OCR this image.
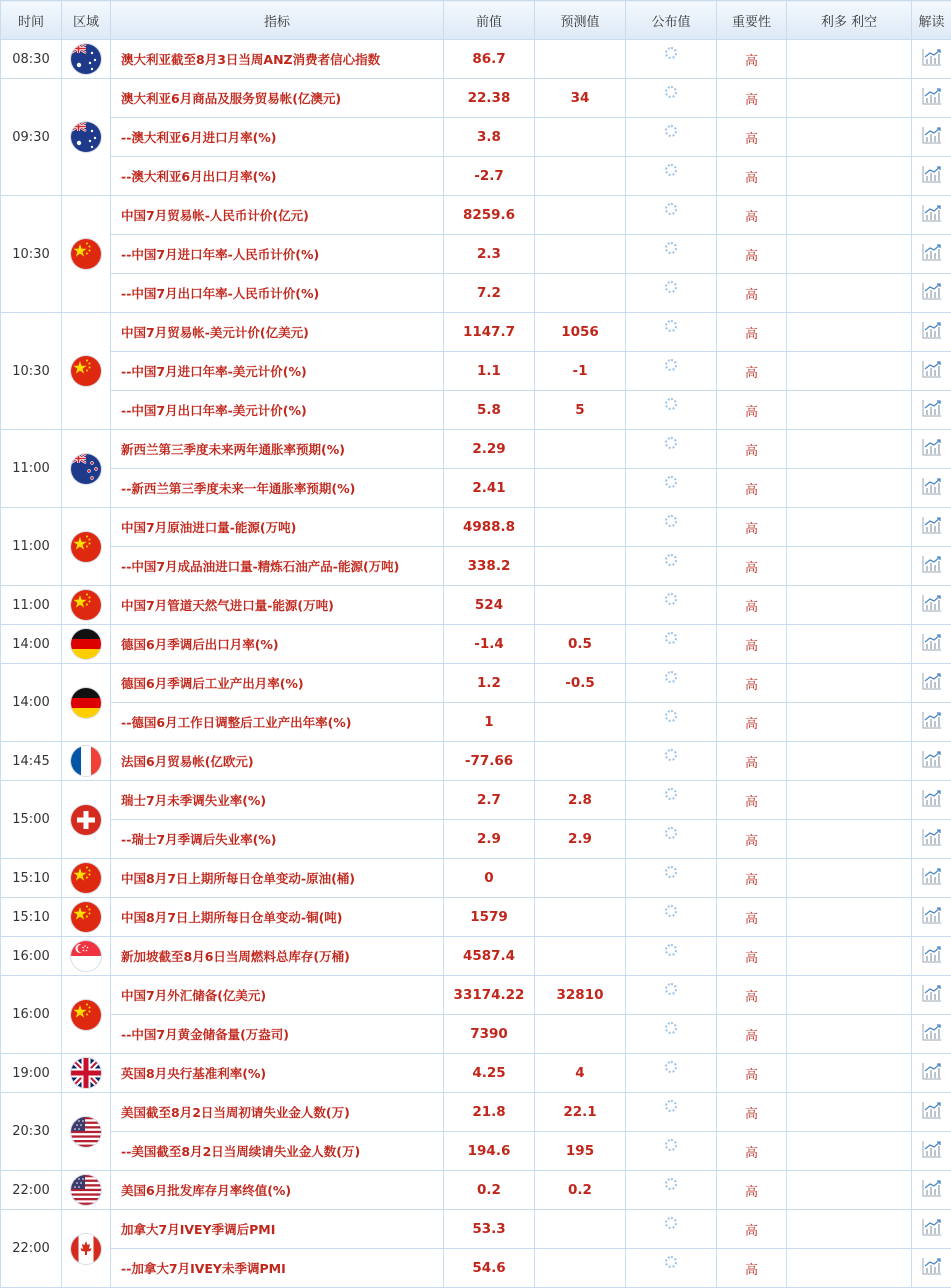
时间	区域	指标	前值	预测值	公布值	重要性	利多 利空	解读
08:30		澳大利亚截至8月3日当周ANZ消费者信心指数	86.7			高		
09:30		澳大利亚6月商品及服务贸易帐(亿澳元)	22.38	34		高		
		--澳大利亚6月进口月率(%)	3.8			高		
		--澳大利亚6月出口月率(%)	-2.7			高		
10:30		中国7月贸易帐-人民币计价(亿元)	8259.6			高		
		--中国7月进口年率-人民币计价(%)	2.3			高		
		--中国7月出口年率-人民币计价(%)	7.2			高		
10:30		中国7月贸易帐-美元计价(亿美元)	1147.7	1056		高		
		--中国7月进口年率-美元计价(%)	1.1	-1		高		
		--中国7月出口年率-美元计价(%)	5.8	5		高		
11:00		新西兰第三季度未来两年通胀率预期(%)	2.29			高		
		--新西兰第三季度未来一年通胀率预期(%)	2.41			高		
11:00		中国7月原油进口量-能源(万吨)	4988.8			高		
		--中国7月成品油进口量-精炼石油产品-能源(万吨)	338.2			高		
11:00		中国7月管道天然气进口量-能源(万吨)	524			高		
14:00		德国6月季调后出口月率(%)	-1.4	0.5		高		
14:00		德国6月季调后工业产出月率(%)	1.2	-0.5		高		
		--德国6月工作日调整后工业产出年率(%)	1			高		
14:45		法国6月贸易帐(亿欧元)	-77.66			高		
15:00		瑞士7月未季调失业率(%)	2.7	2.8		高		
		--瑞士7月季调后失业率(%)	2.9	2.9		高		
15:10		中国8月7日上期所每日仓单变动-原油(桶)	0			高		
15:10		中国8月7日上期所每日仓单变动-铜(吨)	1579			高		
16:00		新加坡截至8月6日当周燃料总库存(万桶)	4587.4			高		
16:00		中国7月外汇储备(亿美元)	33174.22	32810		高		
		--中国7月黄金储备量(万盎司)	7390			高		
19:00		英国8月央行基准利率(%)	4.25	4		高		
20:30		美国截至8月2日当周初请失业金人数(万)	21.8	22.1		高		
		--美国截至8月2日当周续请失业金人数(万)	194.6	195		高		
22:00		美国6月批发库存月率终值(%)	0.2	0.2		高		
22:00		加拿大7月IVEY季调后PMI	53.3			高		
		--加拿大7月IVEY未季调PMI	54.6			高		
